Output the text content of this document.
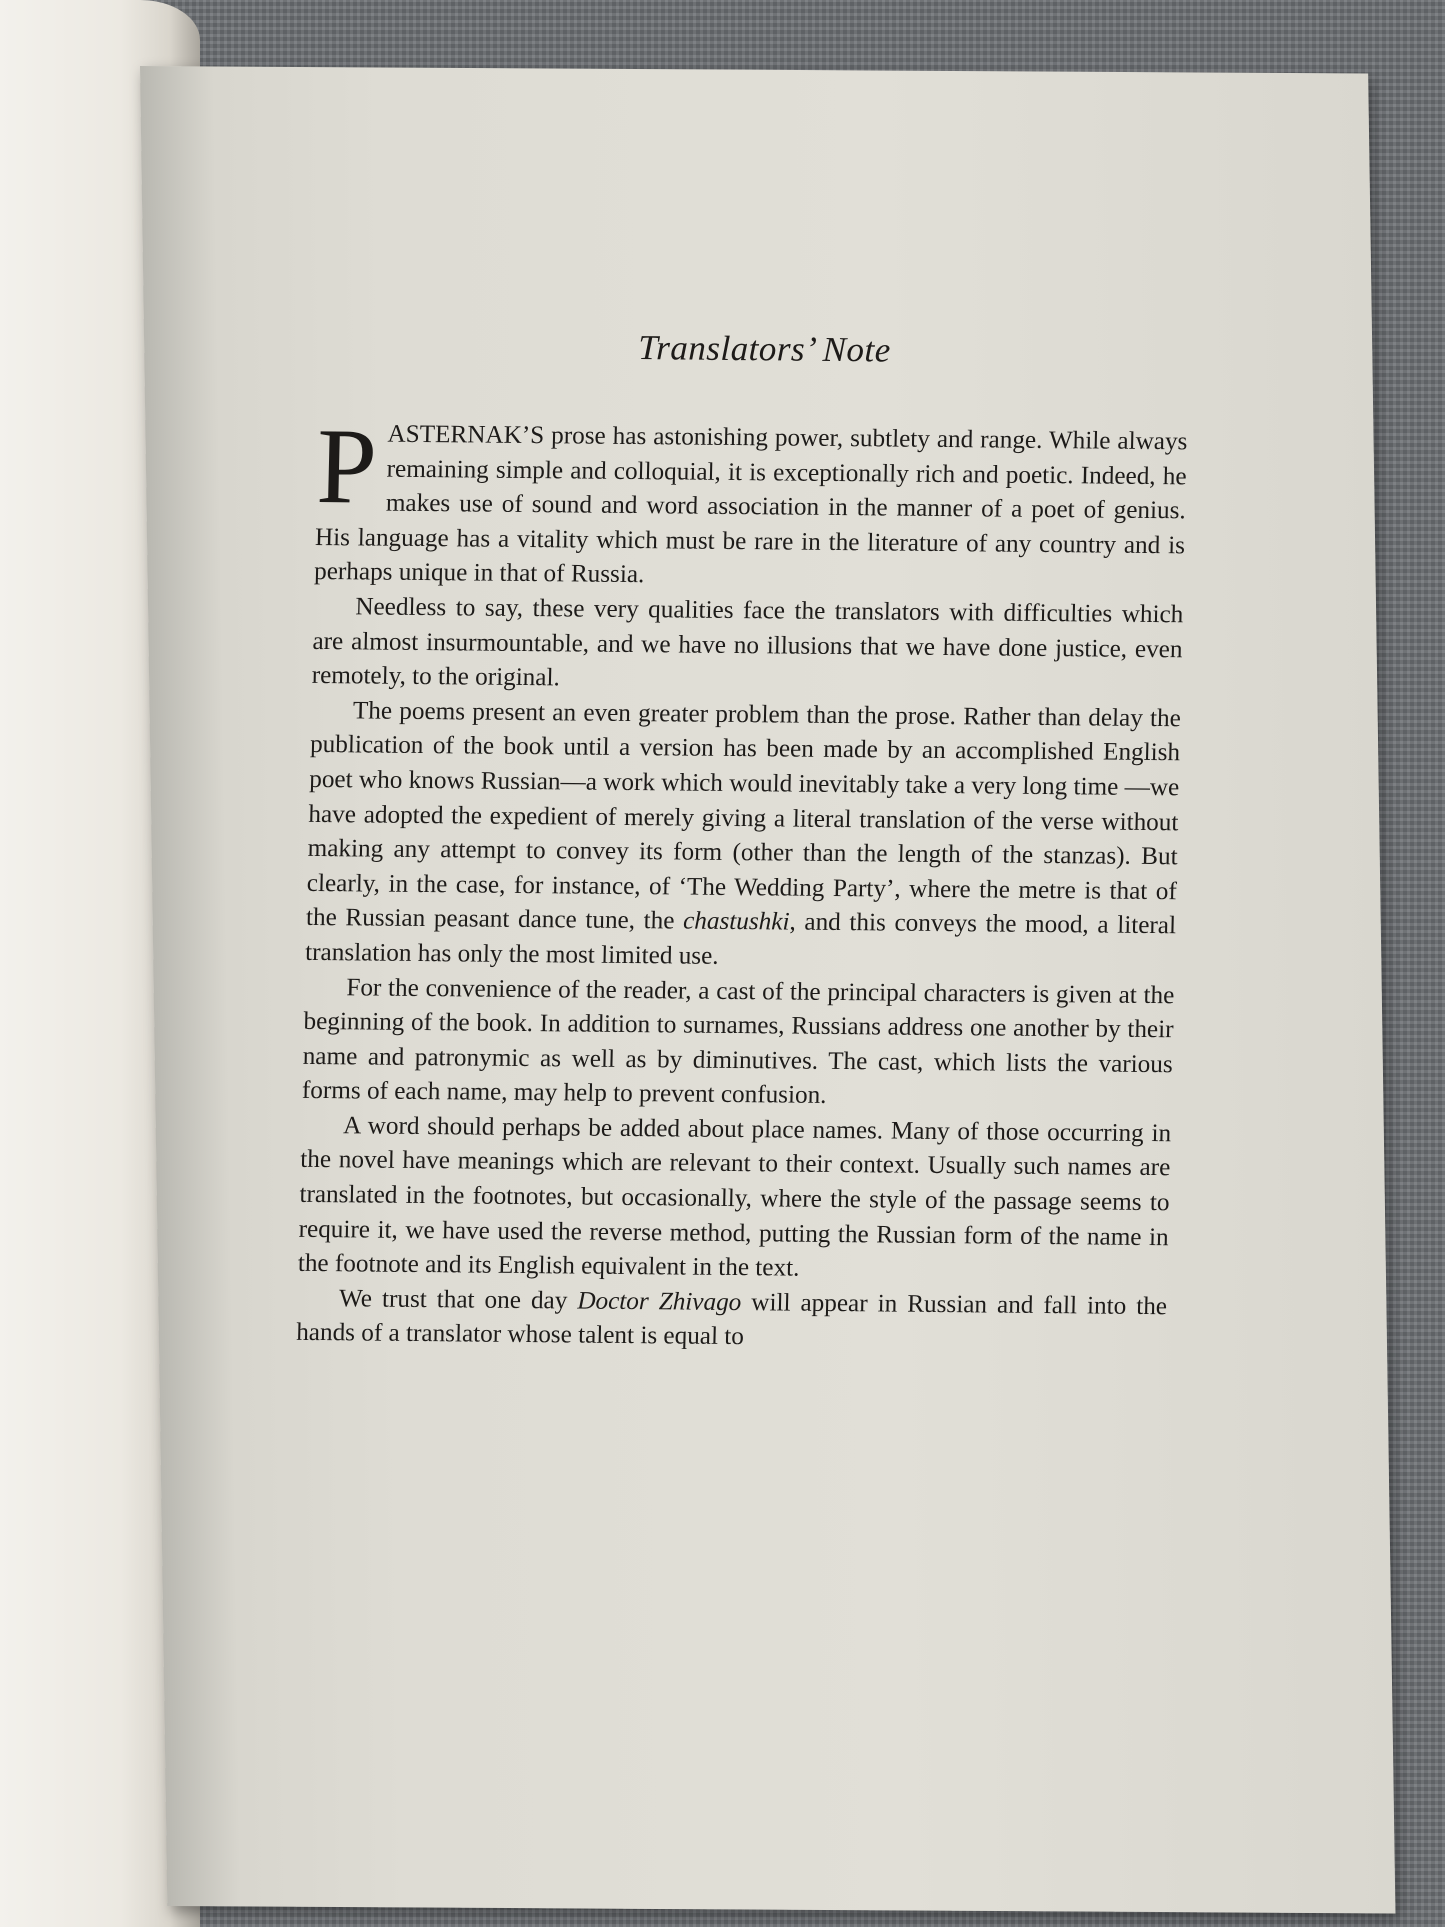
Translators’ Note

PASTERNAK’S prose has astonishing power, subtlety and range. While always remaining simple and colloquial, it is exceptionally rich and poetic. Indeed, he makes use of sound and word association in the manner of a poet of genius. His language has a vitality which must be rare in the literature of any country and is perhaps unique in that of Russia.

Needless to say, these very qualities face the translators with difficulties which are almost insurmountable, and we have no illusions that we have done justice, even remotely, to the original.

The poems present an even greater problem than the prose. Rather than delay the publication of the book until a version has been made by an accomplished English poet who knows Russian—a work which would inevitably take a very long time —we have adopted the expedient of merely giving a literal translation of the verse without making any attempt to convey its form (other than the length of the stanzas). But clearly, in the case, for instance, of ‘The Wedding Party’, where the metre is that of the Russian peasant dance tune, the chastushki, and this conveys the mood, a literal translation has only the most limited use.

For the convenience of the reader, a cast of the principal characters is given at the beginning of the book. In addition to surnames, Russians address one another by their name and patronymic as well as by diminutives. The cast, which lists the various forms of each name, may help to prevent confusion.

A word should perhaps be added about place names. Many of those occurring in the novel have meanings which are relevant to their context. Usually such names are translated in the footnotes, but occasionally, where the style of the passage seems to require it, we have used the reverse method, putting the Russian form of the name in the footnote and its English equivalent in the text.

We trust that one day Doctor Zhivago will appear in Russian and fall into the hands of a translator whose talent is equal to
